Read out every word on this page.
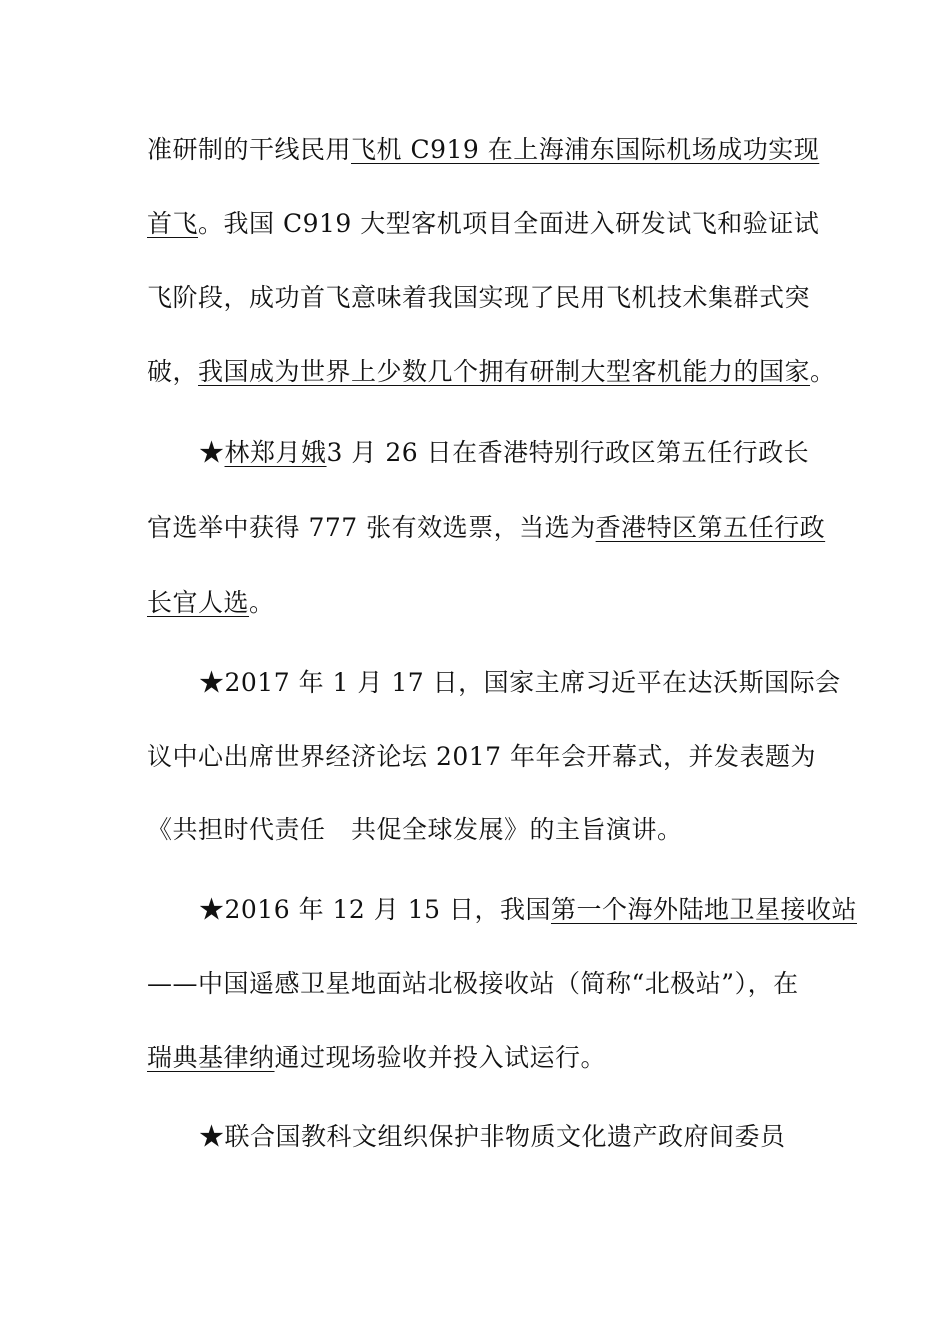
准研制的干线民用飞机 C919 在上海浦东国际机场成功实现
首飞。我国 C919 大型客机项目全面进入研发试飞和验证试
飞阶段，成功首飞意味着我国实现了民用飞机技术集群式突
破，我国成为世界上少数几个拥有研制大型客机能力的国家。
★林郑月娥3 月 26 日在香港特别行政区第五任行政长
官选举中获得 777 张有效选票，当选为香港特区第五任行政
长官人选。
★2017 年 1 月 17 日，国家主席习近平在达沃斯国际会
议中心出席世界经济论坛 2017 年年会开幕式，并发表题为
《共担时代责任　共促全球发展》的主旨演讲。
★2016 年 12 月 15 日，我国第一个海外陆地卫星接收站
——中国遥感卫星地面站北极接收站（简称“北极站”），在
瑞典基律纳通过现场验收并投入试运行。
★联合国教科文组织保护非物质文化遗产政府间委员
